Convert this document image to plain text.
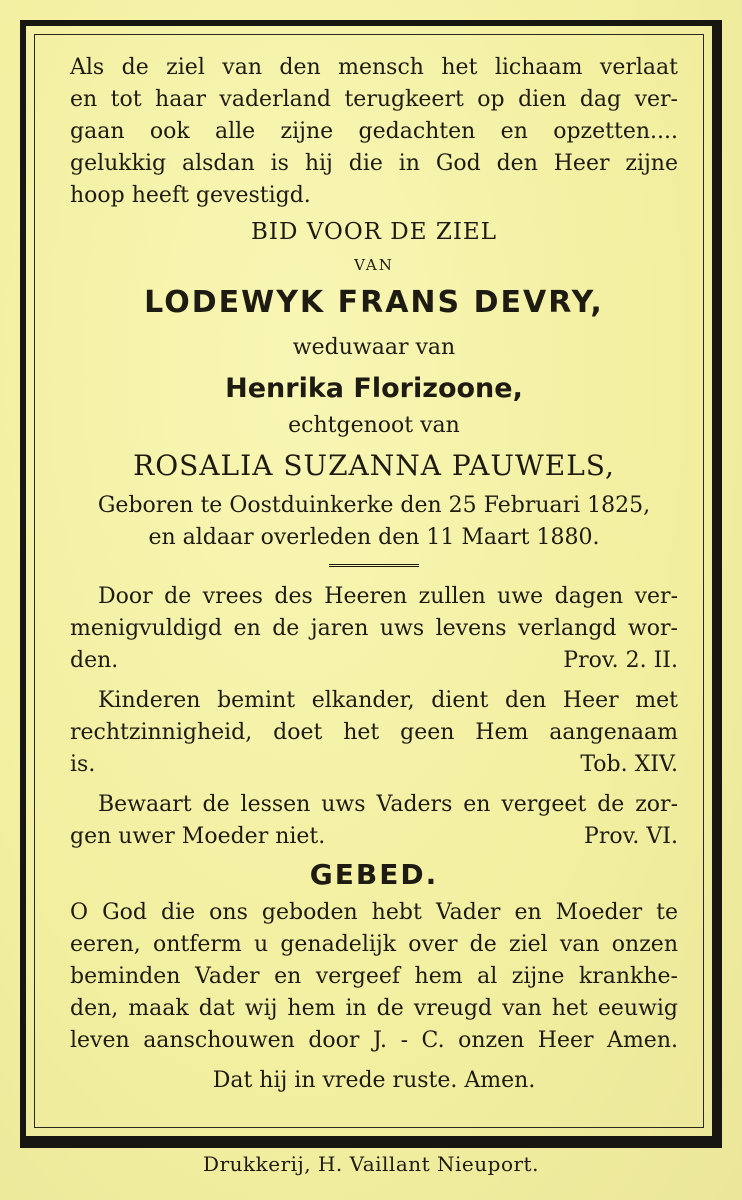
Als de ziel van den mensch het lichaam verlaat

en tot haar vaderland terugkeert op dien dag ver-

gaan ook alle zijne gedachten en opzetten....

gelukkig alsdan is hij die in God den Heer zijne

hoop heeft gevestigd.

BID VOOR DE ZIEL

VAN

LODEWYK FRANS DEVRY,

weduwaar van

Henrika Florizoone,

echtgenoot van

ROSALIA SUZANNA PAUWELS,

Geboren te Oostduinkerke den 25 Februari 1825,

en aldaar overleden den 11 Maart 1880.

Door de vrees des Heeren zullen uwe dagen ver-

menigvuldigd en de jaren uws levens verlangd wor-

den.	Prov. 2. II.

Kinderen bemint elkander, dient den Heer met

rechtzinnigheid, doet het geen Hem aangenaam

is.	Tob. XIV.

Bewaart de lessen uws Vaders en vergeet de zor-

gen uwer Moeder niet.	Prov. VI.

GEBED.

O God die ons geboden hebt Vader en Moeder te

eeren, ontferm u genadelijk over de ziel van onzen

beminden Vader en vergeef hem al zijne krankhe-

den, maak dat wij hem in de vreugd van het eeuwig

leven aanschouwen door J. - C. onzen Heer Amen.

Dat hij in vrede ruste. Amen.

Drukkerij, H. Vaillant Nieuport.
